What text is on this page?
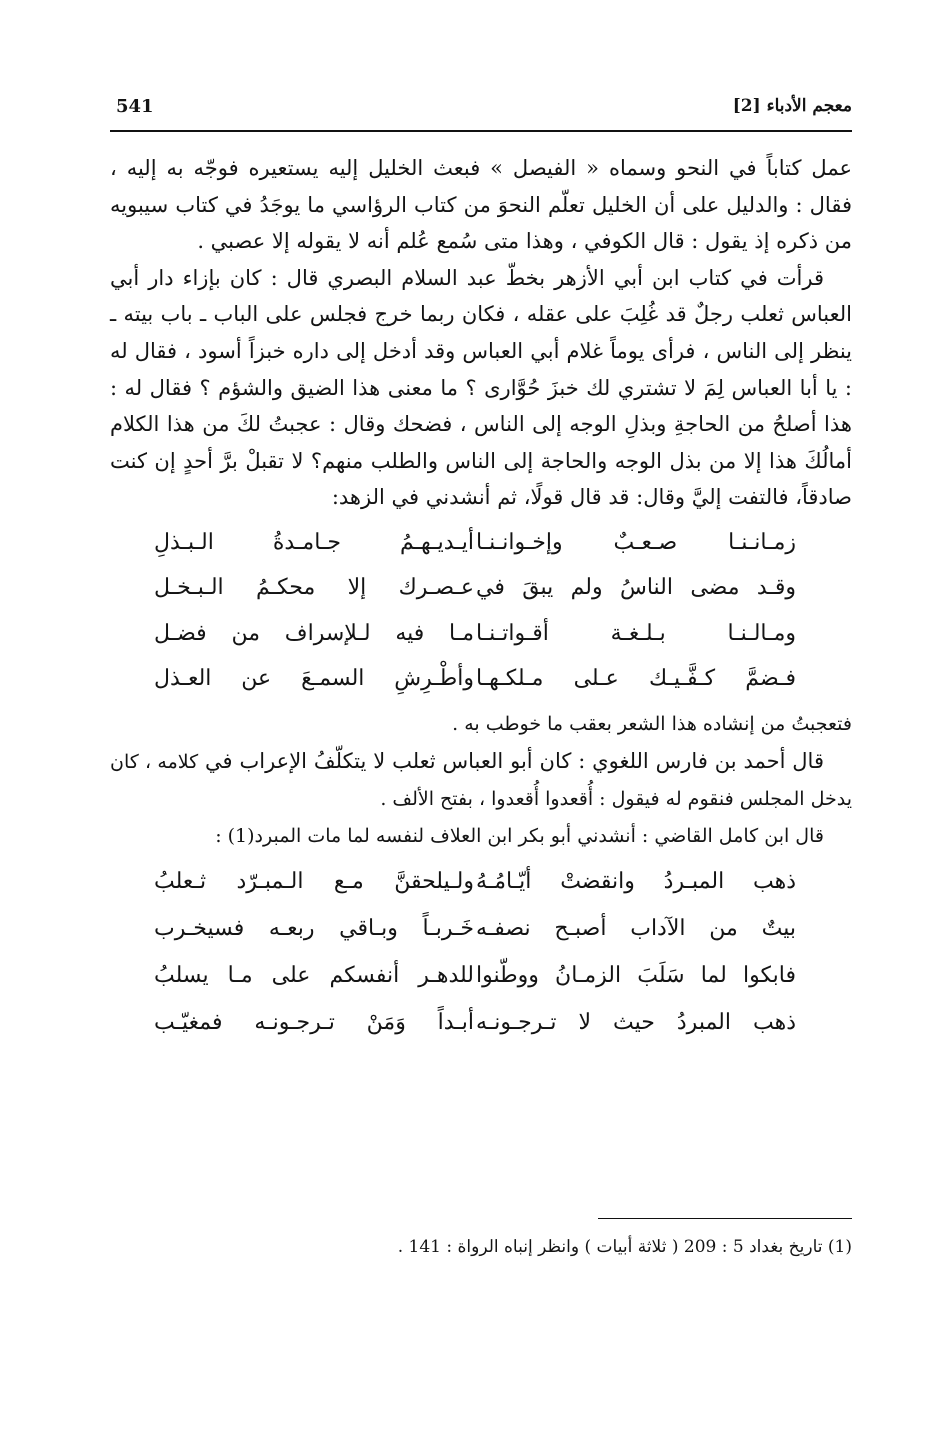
معجم الأدباء [2]
541

عمل كتاباً في النحو وسماه « الفيصل » فبعث الخليل إليه يستعيره فوجّه به إليه ، فقال : والدليل على أن الخليل تعلّم النحوَ من كتاب الرؤاسي ما يوجَدُ في كتاب سيبويه من ذكره إذ يقول : قال الكوفي ، وهذا متى سُمع عُلم أنه لا يقوله إلا عصبي .

قرأت في كتاب ابن أبي الأزهر بخطّ عبد السلام البصري قال : كان بإزاء دار أبي العباس ثعلب رجلٌ قد غُلِبَ على عقله ، فكان ربما خرج فجلس على الباب ـ باب بيته ـ ينظر إلى الناس ، فرأى يوماً غلام أبي العباس وقد أدخل إلى داره خبزاً أسود ، فقال له : يا أبا العباس لِمَ لا تشتري لك خبزَ حُوَّارى ؟ ما معنى هذا الضيق والشؤم ؟ فقال له : هذا أصلحُ من الحاجةِ وبذلِ الوجه إلى الناس ، فضحك وقال : عجبتُ لكَ من هذا الكلام أمالُكَ هذا إلا من بذل الوجه والحاجة إلى الناس والطلب منهم؟ لا تقبلْ برَّ أحدٍ إن كنت صادقاً، فالتفت إليَّ وقال: قد قال قولًا، ثم أنشدني في الزهد:

زمـانـنـا صـعـبٌ وإخـوانـنـا
أيـديـهـمُ جـامـدةُ الـبـذلِ
وقـد مضى الناسُ ولم يبقَ في
عـصـرك إلا محكـمُ الـبـخـل
ومـالـنـا بـلـغـة أقـواتـنـا
مـا فيه لـلإسراف من فضـل
فـضمَّ كـفَّـيـك عـلى مـلكـهـا
وأطْـرِشِ السمـعَ عن العـذل

فتعجبتُ من إنشاده هذا الشعر بعقب ما خوطب به .

قال أحمد بن فارس اللغوي : كان أبو العباس ثعلب لا يتكلّفُ الإعراب في كلامه ، كان يدخل المجلس فنقوم له فيقول : أُقعدوا أُقعدوا ، بفتح الألف .

قال ابن كامل القاضي : أنشدني أبو بكر ابن العلاف لنفسه لما مات المبرد(1) :

ذهب المبـردُ وانقضتْ أيّـامُـهُ
ولـيلحقنَّ مـع الـمبـرّد ثـعلبُ
بيتٌ من الآداب أصبـح نصفـه
خَـربـاً وبـاقي ربعـه فسيخـرب
فابكوا لما سَلَبَ الزمـانُ ووطّنوا
للدهـر أنفسكم على مـا يسلبُ
ذهب المبردُ حيث لا تـرجـونـه
أبـداً وَمَنْ تـرجـونـه فمغيّـب
(1) تاريخ بغداد 5 : 209 ( ثلاثة أبيات ) وانظر إنباه الرواة : 141 .
